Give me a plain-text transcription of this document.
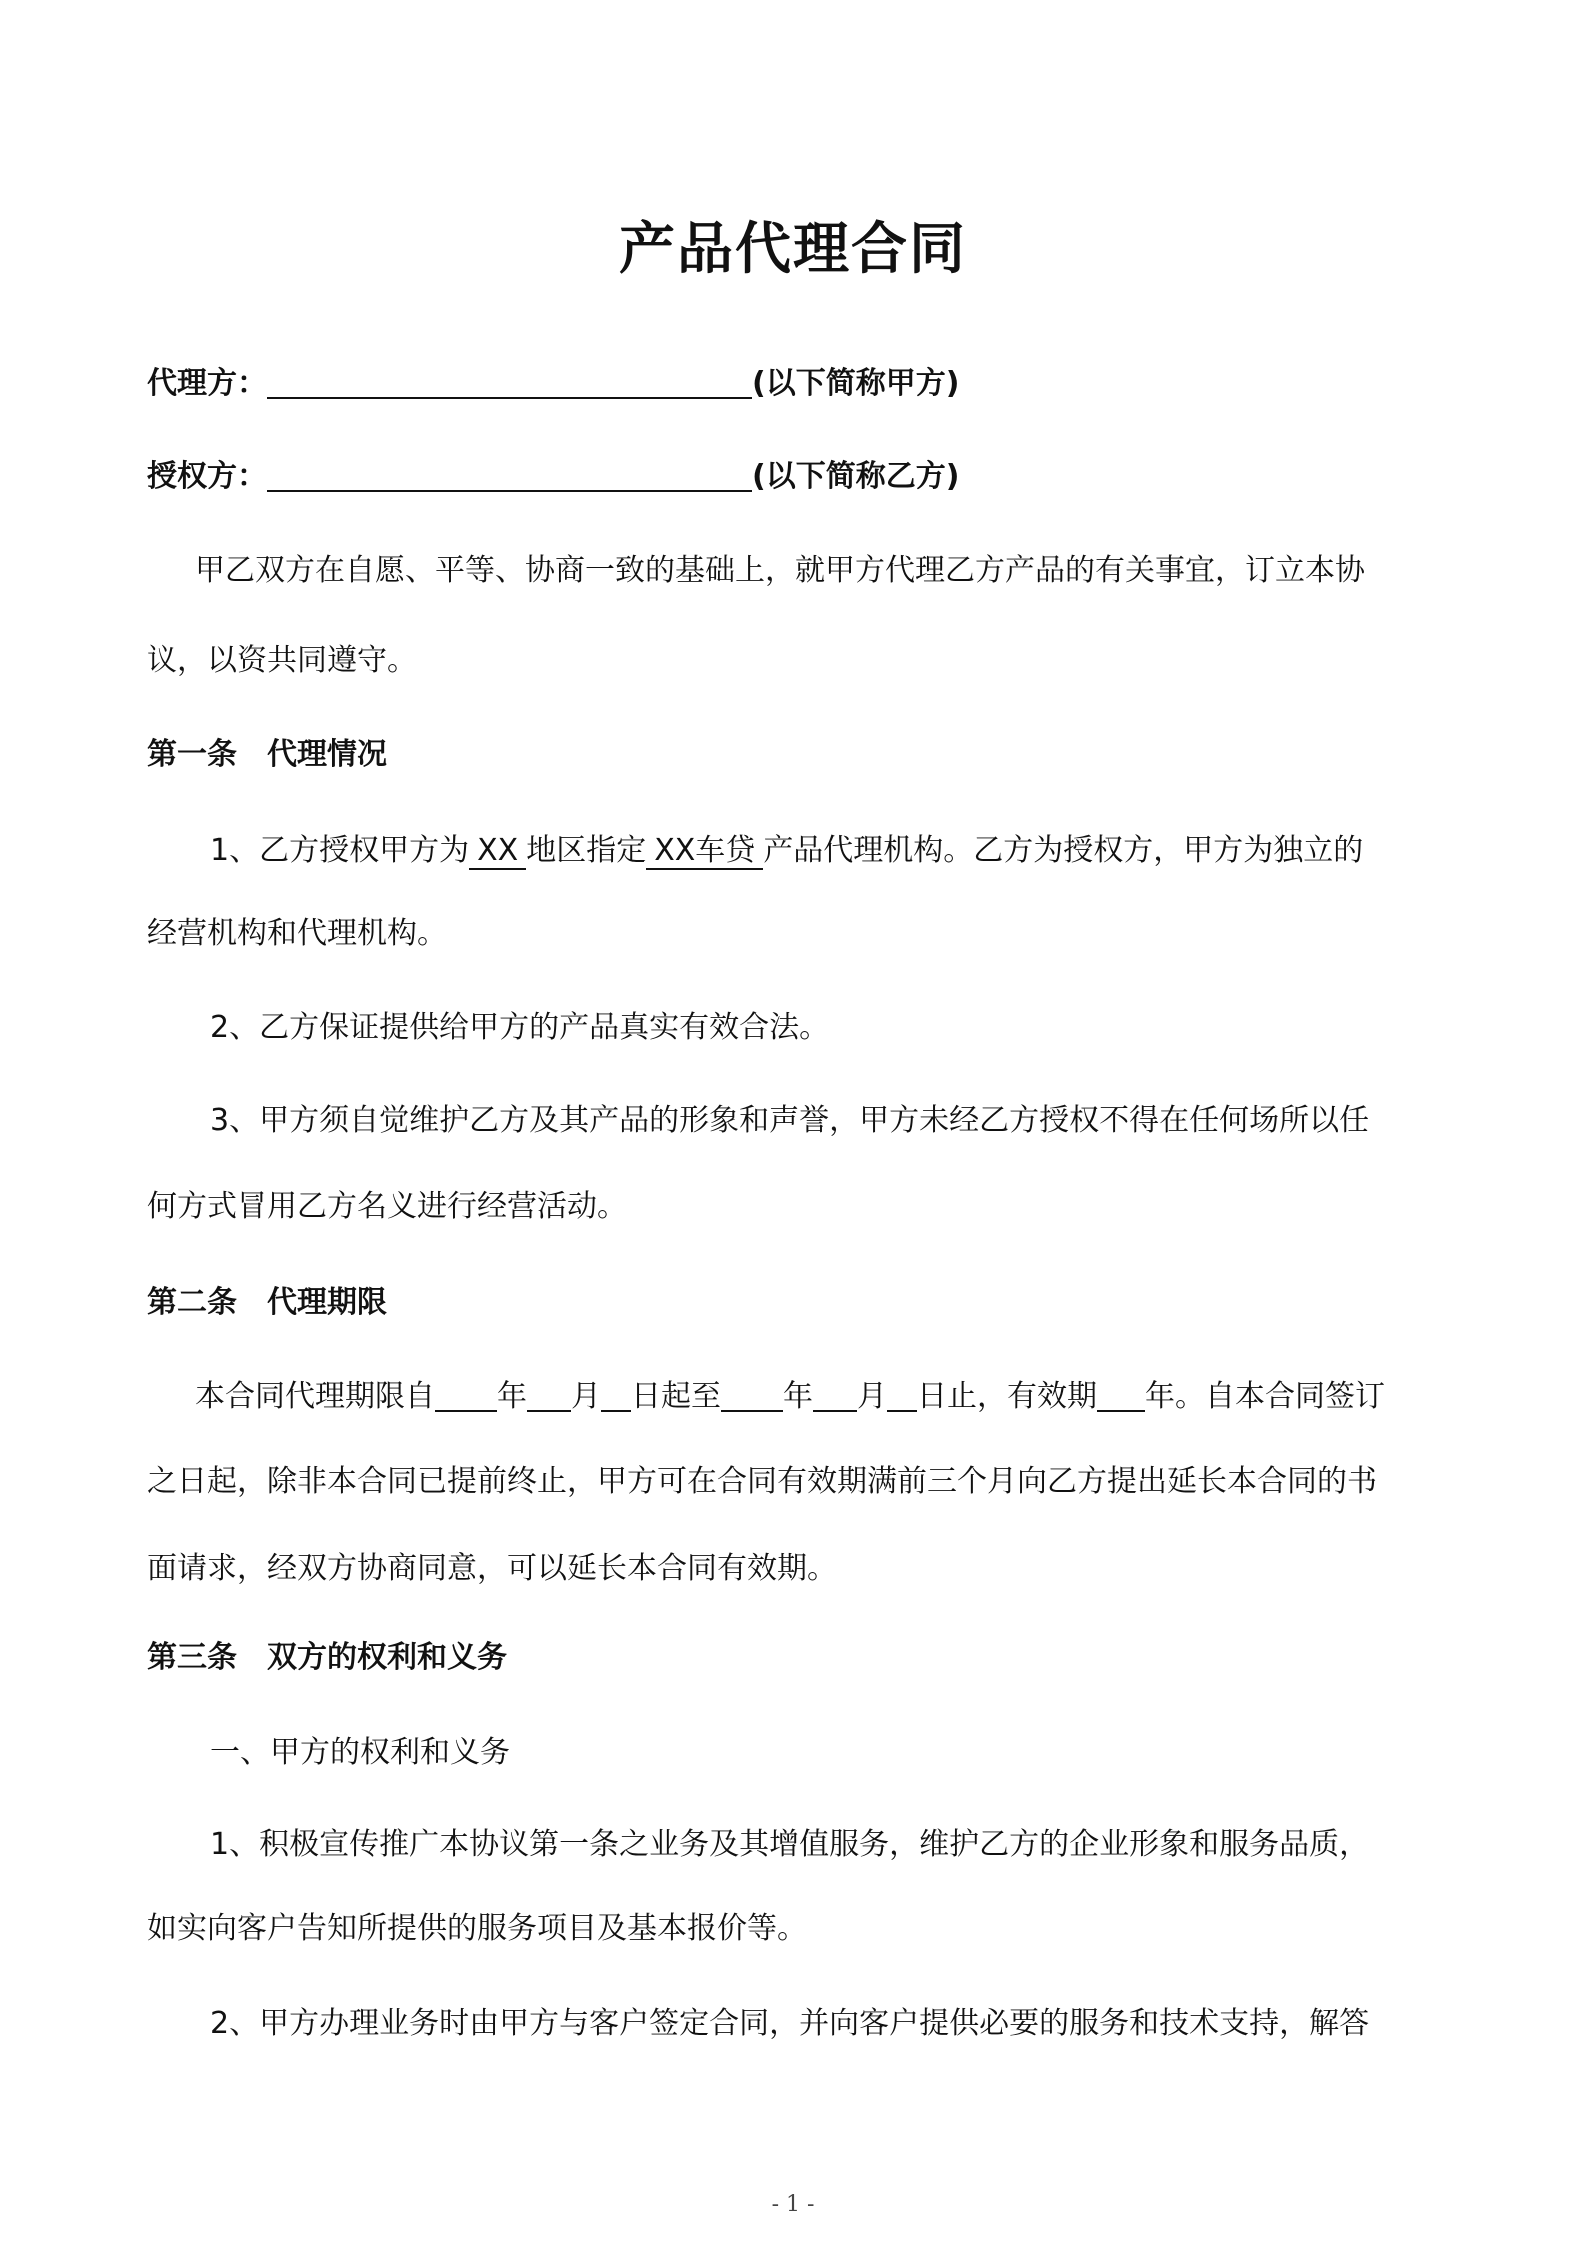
产品代理合同
代理方：	(以下简称甲方)
授权方：	(以下简称乙方)
甲乙双方在自愿、平等、协商一致的基础上，就甲方代理乙方产品的有关事宜，订立本协
议，以资共同遵守。
第一条 代理情况
1、乙方授权甲方为 XX 地区指定 XX车贷 产品代理机构。乙方为授权方，甲方为独立的
经营机构和代理机构。
2、乙方保证提供给甲方的产品真实有效合法。
3、甲方须自觉维护乙方及其产品的形象和声誉，甲方未经乙方授权不得在任何场所以任
何方式冒用乙方名义进行经营活动。
第二条 代理期限
本合同代理期限自 年 月 日起至 年 月 日止，有效期 年。自本合同签订
之日起，除非本合同已提前终止，甲方可在合同有效期满前三个月向乙方提出延长本合同的书
面请求，经双方协商同意，可以延长本合同有效期。
第三条 双方的权利和义务
一、甲方的权利和义务
1、积极宣传推广本协议第一条之业务及其增值服务，维护乙方的企业形象和服务品质，
如实向客户告知所提供的服务项目及基本报价等。
2、甲方办理业务时由甲方与客户签定合同，并向客户提供必要的服务和技术支持，解答
- 1 -
